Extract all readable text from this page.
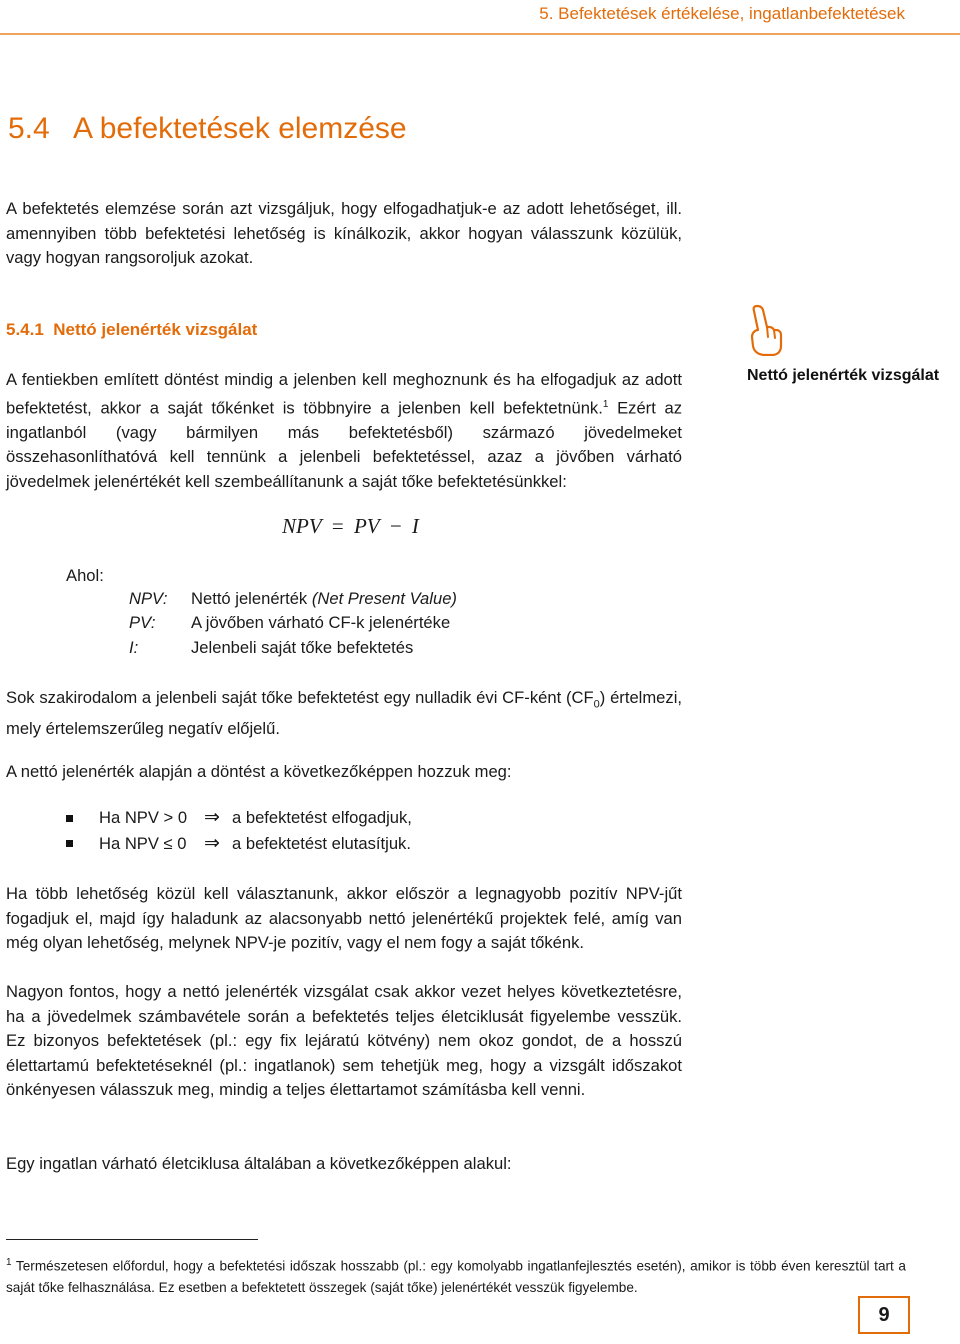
5. Befektetések értékelése, ingatlanbefektetések
5.4   A befektetések elemzése
A befektetés elemzése során azt vizsgáljuk, hogy elfogadhatjuk-e az adott lehetőséget, ill. amennyiben több befektetési lehetőség is kínálkozik, akkor hogyan válasszunk közülük, vagy hogyan rangsoroljuk azokat.
5.4.1  Nettó jelenérték vizsgálat
Nettó jelenérték vizsgálat
A fentiekben említett döntést mindig a jelenben kell meghoznunk és ha elfogadjuk az adott befektetést, akkor a saját tőkénket is többnyire a jelenben kell befektetnünk.$^1$ Ezért az ingatlanból (vagy bármilyen más befektetésből) származó jövedelmeket összehasonlíthatóvá kell tennünk a jelenbeli befektetéssel, azaz a jövőben várható jövedelmek jelenértékét kell szembeállítanunk a saját tőke befektetésünkkel:
NPV = PV − I
Ahol:
NPV: Nettó jelenérték (Net Present Value)
PV: A jövőben várható CF-k jelenértéke
I:	Jelenbeli saját tőke befektetés
Sok szakirodalom a jelenbeli saját tőke befektetést egy nulladik évi CF-ként $(CF_0)$ értelmezi, mely értelemszerűleg negatív előjelű.
A nettó jelenérték alapján a döntést a következőképpen hozzuk meg:
Ha NPV > 0 ⇒ a befektetést elfogadjuk,
Ha NPV ≤ 0 ⇒ a befektetést elutasítjuk.
Ha több lehetőség közül kell választanunk, akkor először a legnagyobb pozitív NPV-jűt fogadjuk el, majd így haladunk az alacsonyabb nettó jelenértékű projektek felé, amíg van még olyan lehetőség, melynek NPV-je pozitív, vagy el nem fogy a saját tőkénk.
Nagyon fontos, hogy a nettó jelenérték vizsgálat csak akkor vezet helyes következtetésre, ha a jövedelmek számbavétele során a befektetés teljes életciklusát figyelembe vesszük. Ez bizonyos befektetések (pl.: egy fix lejáratú kötvény) nem okoz gondot, de a hosszú élettartamú befektetéseknél (pl.: ingatlanok) sem tehetjük meg, hogy a vizsgált időszakot önkényesen válasszuk meg, mindig a teljes élettartamot számításba kell venni.
Egy ingatlan várható életciklusa általában a következőképpen alakul:
$^1$ Természetesen előfordul, hogy a befektetési időszak hosszabb (pl.: egy komolyabb ingatlanfejlesztés esetén), amikor is több éven keresztül tart a saját tőke felhasználása. Ez esetben a befektetett összegek (saját tőke) jelenértékét vesszük figyelembe.
9
